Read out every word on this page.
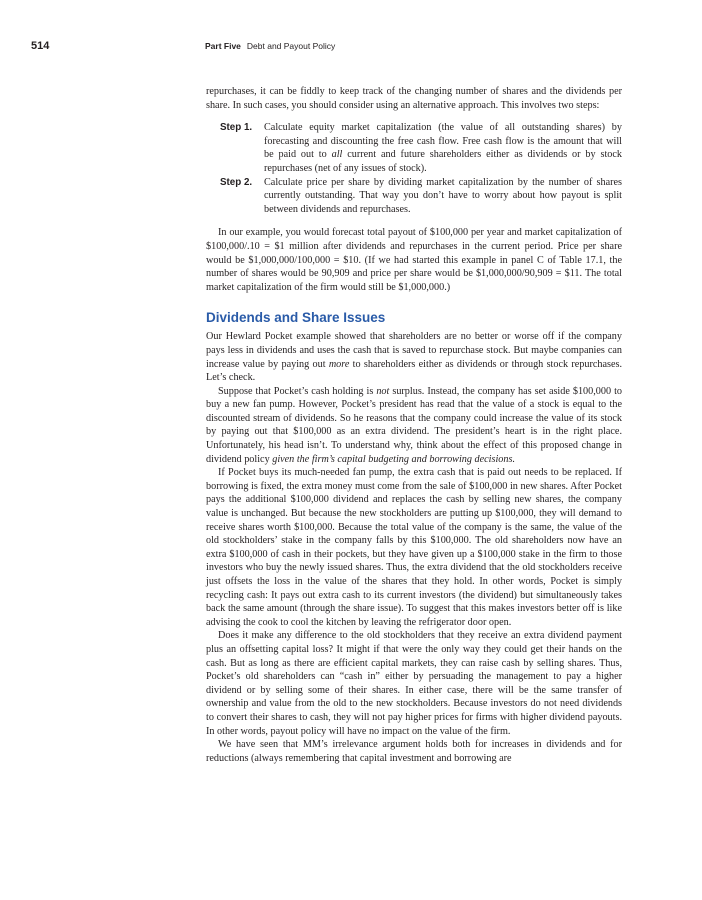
514	Part Five Debt and Payout Policy

repurchases, it can be fiddly to keep track of the changing number of shares and the dividends per share. In such cases, you should consider using an alternative approach. This involves two steps:

Step 1. Calculate equity market capitalization (the value of all outstanding shares) by forecasting and discounting the free cash flow. Free cash flow is the amount that will be paid out to all current and future shareholders either as dividends or by stock repurchases (net of any issues of stock).
Step 2. Calculate price per share by dividing market capitalization by the number of shares currently outstanding. That way you don’t have to worry about how payout is split between dividends and repurchases.

In our example, you would forecast total payout of $100,000 per year and market capitalization of $100,000/.10 = $1 million after dividends and repurchases in the current period. Price per share would be $1,000,000/100,000 = $10. (If we had started this example in panel C of Table 17.1, the number of shares would be 90,909 and price per share would be $1,000,000/90,909 = $11. The total market capitalization of the firm would still be $1,000,000.)

Dividends and Share Issues

Our Hewlard Pocket example showed that shareholders are no better or worse off if the company pays less in dividends and uses the cash that is saved to repurchase stock. But maybe companies can increase value by paying out more to shareholders either as dividends or through stock repurchases. Let’s check.

Suppose that Pocket’s cash holding is not surplus. Instead, the company has set aside $100,000 to buy a new fan pump. However, Pocket’s president has read that the value of a stock is equal to the discounted stream of dividends. So he reasons that the company could increase the value of its stock by paying out that $100,000 as an extra dividend. The president’s heart is in the right place. Unfortunately, his head isn’t. To understand why, think about the effect of this proposed change in dividend policy given the firm’s capital budgeting and borrowing decisions.

If Pocket buys its much-needed fan pump, the extra cash that is paid out needs to be replaced. If borrowing is fixed, the extra money must come from the sale of $100,000 in new shares. After Pocket pays the additional $100,000 dividend and replaces the cash by selling new shares, the company value is unchanged. But because the new stockholders are putting up $100,000, they will demand to receive shares worth $100,000. Because the total value of the company is the same, the value of the old stockholders’ stake in the company falls by this $100,000. The old shareholders now have an extra $100,000 of cash in their pockets, but they have given up a $100,000 stake in the firm to those investors who buy the newly issued shares. Thus, the extra dividend that the old stockholders receive just offsets the loss in the value of the shares that they hold. In other words, Pocket is simply recycling cash: It pays out extra cash to its current investors (the dividend) but simultaneously takes back the same amount (through the share issue). To suggest that this makes investors better off is like advising the cook to cool the kitchen by leaving the refrigerator door open.

Does it make any difference to the old stockholders that they receive an extra dividend payment plus an offsetting capital loss? It might if that were the only way they could get their hands on the cash. But as long as there are efficient capital markets, they can raise cash by selling shares. Thus, Pocket’s old shareholders can “cash in” either by persuading the management to pay a higher dividend or by selling some of their shares. In either case, there will be the same transfer of ownership and value from the old to the new stockholders. Because investors do not need dividends to convert their shares to cash, they will not pay higher prices for firms with higher dividend payouts. In other words, payout policy will have no impact on the value of the firm.

We have seen that MM’s irrelevance argument holds both for increases in dividends and for reductions (always remembering that capital investment and borrowing are
